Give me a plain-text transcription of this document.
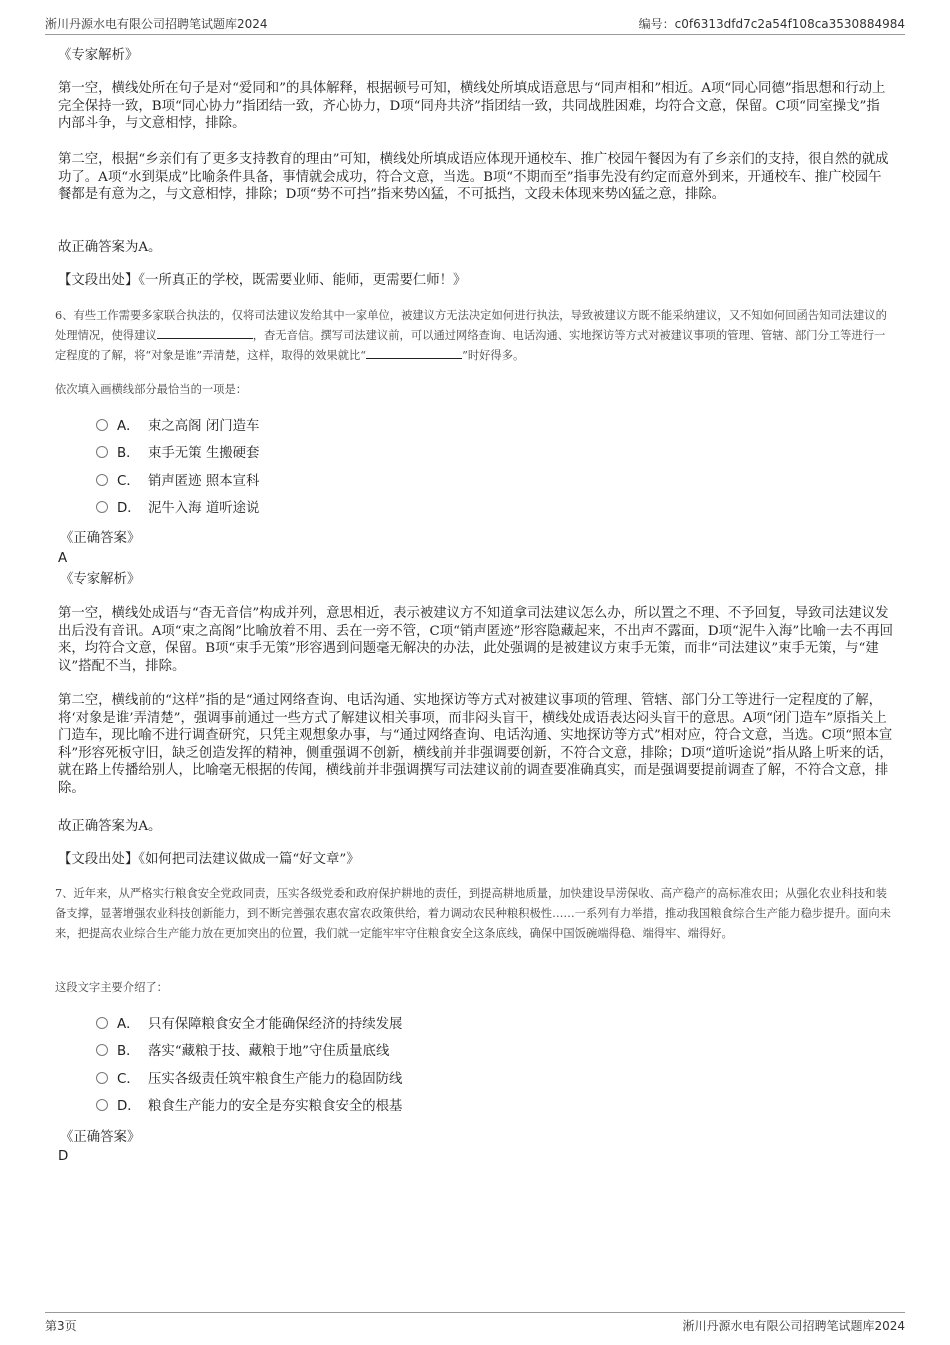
淅川丹源水电有限公司招聘笔试题库2024	编号：c0f6313dfd7c2a54f108ca3530884984

《专家解析》

第一空，横线处所在句子是对“爱同和”的具体解释，根据顿号可知，横线处所填成语意思与“同声相和”相近。A项“同心同德”指思想和行动上完全保持一致，B项“同心协力”指团结一致，齐心协力，D项“同舟共济”指团结一致，共同战胜困难，均符合文意，保留。C项“同室操戈”指内部斗争，与文意相悖，排除。

第二空，根据“乡亲们有了更多支持教育的理由”可知，横线处所填成语应体现开通校车、推广校园午餐因为有了乡亲们的支持，很自然的就成功了。A项“水到渠成”比喻条件具备，事情就会成功，符合文意，当选。B项“不期而至”指事先没有约定而意外到来，开通校车、推广校园午餐都是有意为之，与文意相悖，排除；D项“势不可挡”指来势凶猛，不可抵挡，文段未体现来势凶猛之意，排除。

故正确答案为A。

【文段出处】《一所真正的学校，既需要业师、能师，更需要仁师！》

6、有些工作需要多家联合执法的，仅将司法建议发给其中一家单位，被建议方无法决定如何进行执法，导致被建议方既不能采纳建议，又不知如何回函告知司法建议的处理情况，使得建议	，杳无音信。撰写司法建议前，可以通过网络查询、电话沟通、实地探访等方式对被建议事项的管理、管辖、部门分工等进行一定程度的了解，将“对象是谁”弄清楚，这样，取得的效果就比“	”时好得多。

依次填入画横线部分最恰当的一项是：

A． 束之高阁 闭门造车
B． 束手无策 生搬硬套
C． 销声匿迹 照本宣科
D． 泥牛入海 道听途说

《正确答案》

A

《专家解析》

第一空，横线处成语与“杳无音信”构成并列，意思相近，表示被建议方不知道拿司法建议怎么办，所以置之不理、不予回复，导致司法建议发出后没有音讯。A项“束之高阁”比喻放着不用、丢在一旁不管，C项“销声匿迹”形容隐藏起来，不出声不露面，D项“泥牛入海”比喻一去不再回来，均符合文意，保留。B项“束手无策”形容遇到问题毫无解决的办法，此处强调的是被建议方束手无策，而非“司法建议”束手无策，与“建议”搭配不当，排除。

第二空，横线前的“这样”指的是“通过网络查询、电话沟通、实地探访等方式对被建议事项的管理、管辖、部门分工等进行一定程度的了解，将‘对象是谁’弄清楚”，强调事前通过一些方式了解建议相关事项，而非闷头盲干，横线处成语表达闷头盲干的意思。A项“闭门造车”原指关上门造车，现比喻不进行调查研究，只凭主观想象办事，与“通过网络查询、电话沟通、实地探访等方式”相对应，符合文意，当选。C项“照本宣科”形容死板守旧，缺乏创造发挥的精神，侧重强调不创新，横线前并非强调要创新，不符合文意，排除；D项“道听途说”指从路上听来的话，就在路上传播给别人，比喻毫无根据的传闻，横线前并非强调撰写司法建议前的调查要准确真实，而是强调要提前调查了解，不符合文意，排除。

故正确答案为A。

【文段出处】《如何把司法建议做成一篇“好文章”》

7、近年来，从严格实行粮食安全党政同责，压实各级党委和政府保护耕地的责任，到提高耕地质量，加快建设旱涝保收、高产稳产的高标准农田；从强化农业科技和装备支撑，显著增强农业科技创新能力，到不断完善强农惠农富农政策供给，着力调动农民种粮积极性……一系列有力举措，推动我国粮食综合生产能力稳步提升。面向未来，把提高农业综合生产能力放在更加突出的位置，我们就一定能牢牢守住粮食安全这条底线，确保中国饭碗端得稳、端得牢、端得好。

这段文字主要介绍了：

A． 只有保障粮食安全才能确保经济的持续发展
B． 落实“藏粮于技、藏粮于地”守住质量底线
C． 压实各级责任筑牢粮食生产能力的稳固防线
D． 粮食生产能力的安全是夯实粮食安全的根基

《正确答案》

D

第3页	淅川丹源水电有限公司招聘笔试题库2024
